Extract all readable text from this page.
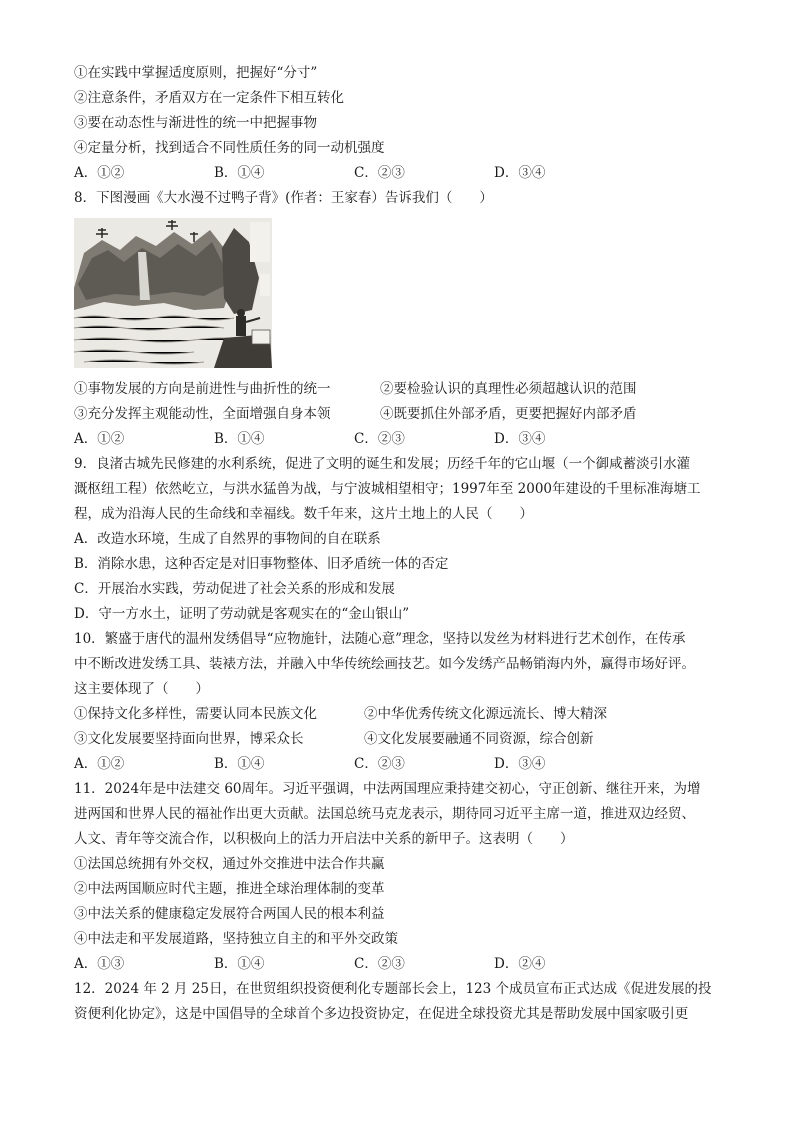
①在实践中掌握适度原则，把握好“分寸”
②注意条件，矛盾双方在一定条件下相互转化
③要在动态性与渐进性的统一中把握事物
④定量分析，找到适合不同性质任务的同一动机强度
A．①②	B．①④	C．②③	D．③④
8．下图漫画《大水漫不过鸭子背》(作者：王家春）告诉我们（　　）
①事物发展的方向是前进性与曲折性的统一	②要检验认识的真理性必须超越认识的范围
③充分发挥主观能动性，全面增强自身本领	④既要抓住外部矛盾，更要把握好内部矛盾
A．①②	B．①④	C．②③	D．③④
9．良渚古城先民修建的水利系统，促进了文明的诞生和发展；历经千年的它山堰（一个御咸蓄淡引水灌
溉枢纽工程）依然屹立，与洪水猛兽为战，与宁波城相望相守；1997年至 2000年建设的千里标准海塘工
程，成为沿海人民的生命线和幸福线。数千年来，这片土地上的人民（　　）
A．改造水环境，生成了自然界的事物间的自在联系
B．消除水患，这种否定是对旧事物整体、旧矛盾统一体的否定
C．开展治水实践，劳动促进了社会关系的形成和发展
D．守一方水土，证明了劳动就是客观实在的“金山银山”
10．繁盛于唐代的温州发绣倡导“应物施针，法随心意”理念，坚持以发丝为材料进行艺术创作，在传承
中不断改进发绣工具、装裱方法，并融入中华传统绘画技艺。如今发绣产品畅销海内外，赢得市场好评。
这主要体现了（　　）
①保持文化多样性，需要认同本民族文化	②中华优秀传统文化源远流长、博大精深
③文化发展要坚持面向世界，博采众长	④文化发展要融通不同资源，综合创新
A．①②	B．①④	C．②③	D．③④
11．2024年是中法建交 60周年。习近平强调，中法两国理应秉持建交初心，守正创新、继往开来，为增
进两国和世界人民的福祉作出更大贡献。法国总统马克龙表示，期待同习近平主席一道，推进双边经贸、
人文、青年等交流合作，以积极向上的活力开启法中关系的新甲子。这表明（　　）
①法国总统拥有外交权，通过外交推进中法合作共赢
②中法两国顺应时代主题，推进全球治理体制的变革
③中法关系的健康稳定发展符合两国人民的根本利益
④中法走和平发展道路，坚持独立自主的和平外交政策
A．①③	B．①④	C．②③	D．②④
12．2024 年 2 月 25日，在世贸组织投资便利化专题部长会上，123 个成员宣布正式达成《促进发展的投
资便利化协定》，这是中国倡导的全球首个多边投资协定，在促进全球投资尤其是帮助发展中国家吸引更
